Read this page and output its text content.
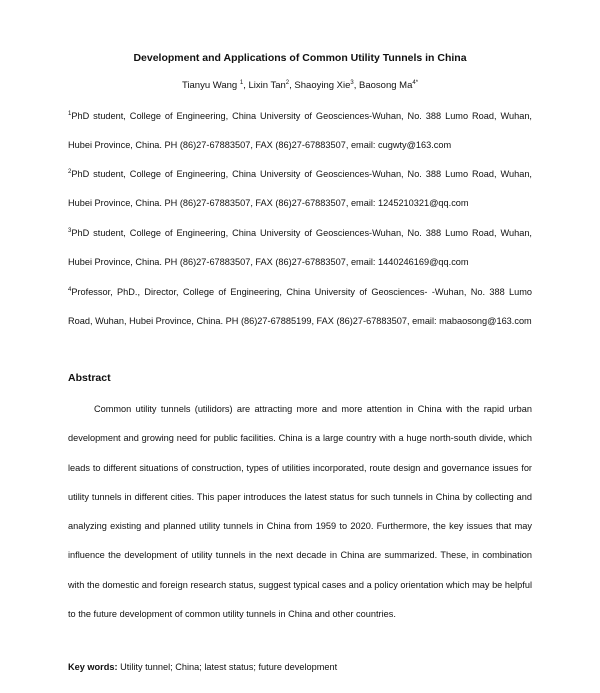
Development and Applications of Common Utility Tunnels in China
Tianyu Wang $^1$, Lixin Tan$^2$, Shaoying Xie$^3$, Baosong $Ma^{4*}$
$^1$PhD student, College of Engineering, China University of Geosciences-Wuhan, No. 388 Lumo Road, Wuhan, Hubei Province, China. PH (86)27-67883507, FAX (86)27-67883507, email: cugwty@163.com
$^2$PhD student, College of Engineering, China University of Geosciences-Wuhan, No. 388 Lumo Road, Wuhan, Hubei Province, China. PH (86)27-67883507, FAX (86)27-67883507, email: 1245210321@qq.com
$^3$PhD student, College of Engineering, China University of Geosciences-Wuhan, No. 388 Lumo Road, Wuhan, Hubei Province, China. PH (86)27-67883507, FAX (86)27-67883507, email: 1440246169@qq.com
$^4$Professor, PhD., Director, College of Engineering, China University of Geosciences- -Wuhan, No. 388 Lumo Road, Wuhan, Hubei Province, China. PH (86)27-67885199, FAX (86)27-67883507, email: mabaosong@163.com
Abstract
Common utility tunnels (utilidors) are attracting more and more attention in China with the rapid urban development and growing need for public facilities. China is a large country with a huge north-south divide, which leads to different situations of construction, types of utilities incorporated, route design and governance issues for utility tunnels in different cities. This paper introduces the latest status for such tunnels in China by collecting and analyzing existing and planned utility tunnels in China from 1959 to 2020. Furthermore, the key issues that may influence the development of utility tunnels in the next decade in China are summarized. These, in combination with the domestic and foreign research status, suggest typical cases and a policy orientation which may be helpful to the future development of common utility tunnels in China and other countries.
Key words: Utility tunnel; China; latest status; future development
